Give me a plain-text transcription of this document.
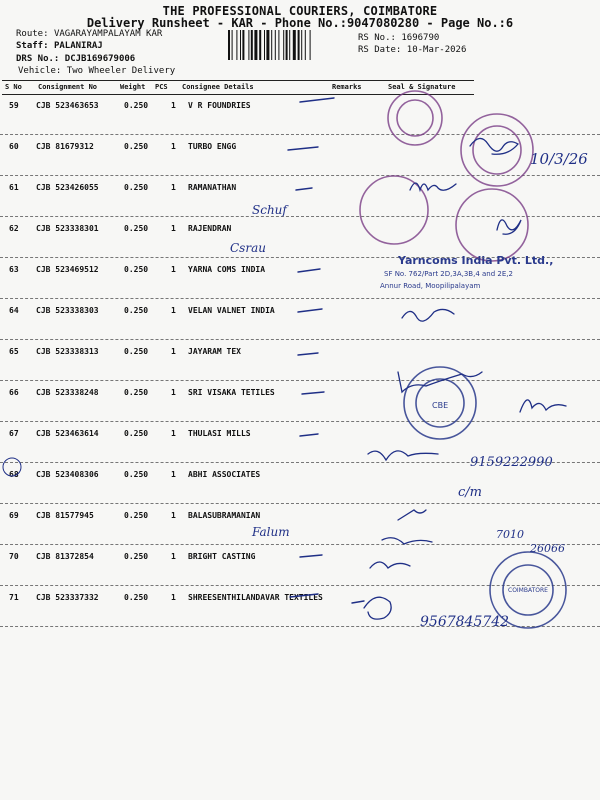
THE PROFESSIONAL COURIERS, COIMBATORE
Delivery Runsheet - KAR - Phone No.:9047080280 - Page No.:6
Route: VAGARAYAMPALAYAM KAR
Staff: PALANIRAJ
DRS No.: DCJB169679006
Vehicle: Two Wheeler Delivery
RS No.: 1696790
RS Date: 10-Mar-2026
S No Consignment No	Weight PCS Consignee Details	Remarks	Seal & Signature
59 CJB 523463653	0.250	1 V R FOUNDRIES
60 CJB 81679312	0.250	1 TURBO ENGG
61 CJB 523426055	0.250	1 RAMANATHAN
62 CJB 523338301	0.250	1 RAJENDRAN
63 CJB 523469512	0.250	1 YARNA COMS INDIA
64 CJB 523338303	0.250	1 VELAN VALNET INDIA
65 CJB 523338313	0.250	1 JAYARAM TEX
66 CJB 523338248	0.250	1 SRI VISAKA TETILES
67 CJB 523463614	0.250	1 THULASI MILLS
68 CJB 523408306	0.250	1 ABHI ASSOCIATES
69 CJB 81577945	0.250	1 BALASUBRAMANIAN
70 CJB 81372854	0.250	1 BRIGHT CASTING
71 CJB 523337332	0.250	1 SHREESENTHILANDAVAR TEXTILES
10/3/26
Yarncoms India Pvt. Ltd.,
SF No. 762/Part 2D,3A,3B,4 and 2E,2
Annur Road, Moopilipalayam
9159222990
9567845742
Schuf
Csrau
Falum
c/m
7010
26066
CBE
COIMBATORE
